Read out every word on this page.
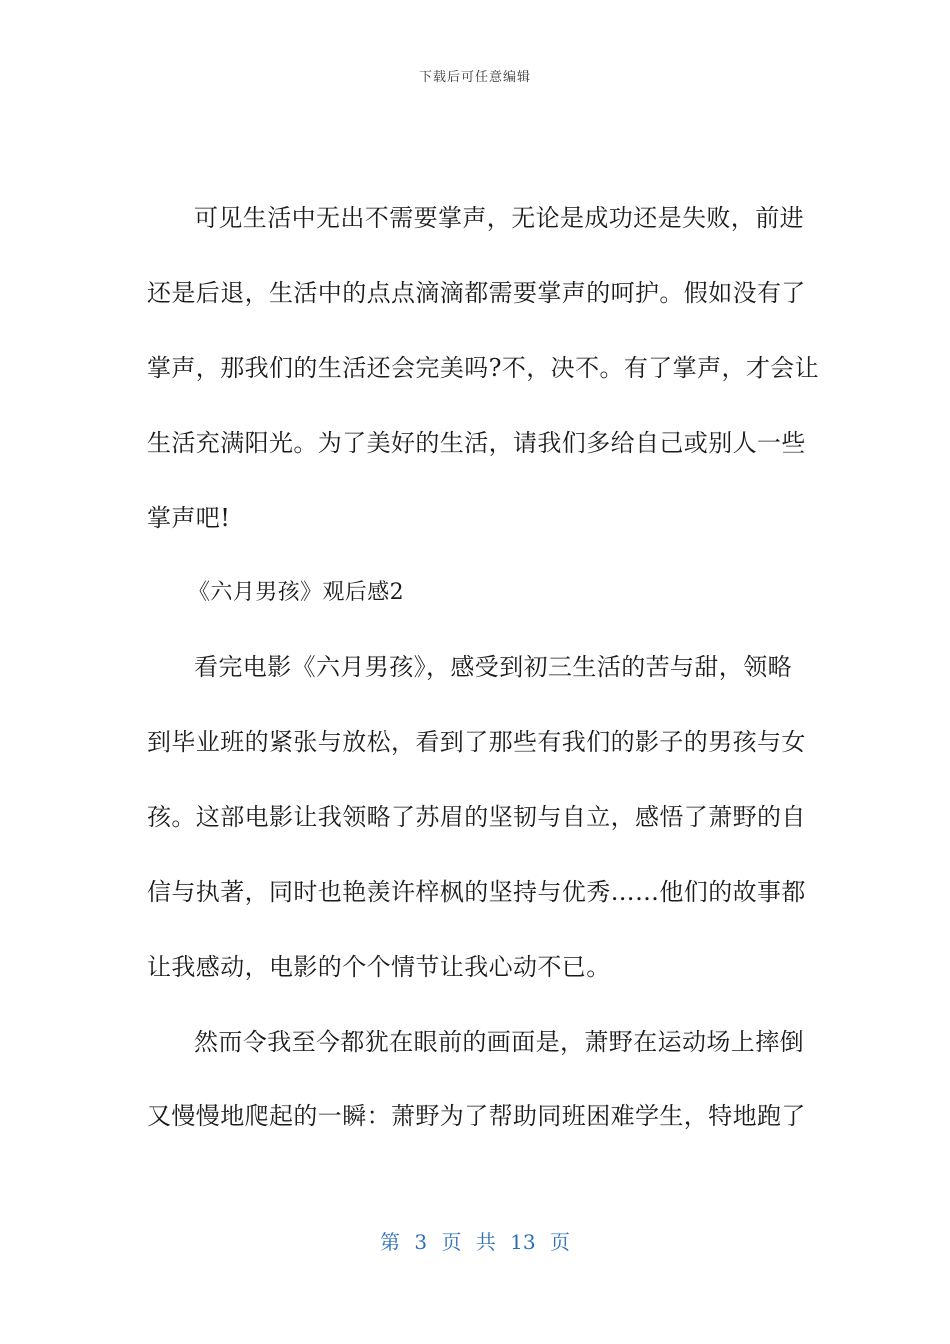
下载后可任意编辑
可见生活中无出不需要掌声，无论是成功还是失败，前进
还是后退，生活中的点点滴滴都需要掌声的呵护。假如没有了
掌声，那我们的生活还会完美吗?不，决不。有了掌声，才会让
生活充满阳光。为了美好的生活，请我们多给自己或别人一些
掌声吧!
《六月男孩》观后感2
看完电影《六月男孩》，感受到初三生活的苦与甜，领略
到毕业班的紧张与放松，看到了那些有我们的影子的男孩与女
孩。这部电影让我领略了苏眉的坚韧与自立，感悟了萧野的自
信与执著，同时也艳羡许梓枫的坚持与优秀……他们的故事都
让我感动，电影的个个情节让我心动不已。
然而令我至今都犹在眼前的画面是，萧野在运动场上摔倒
又慢慢地爬起的一瞬：萧野为了帮助同班困难学生，特地跑了
第 3 页 共 13 页
